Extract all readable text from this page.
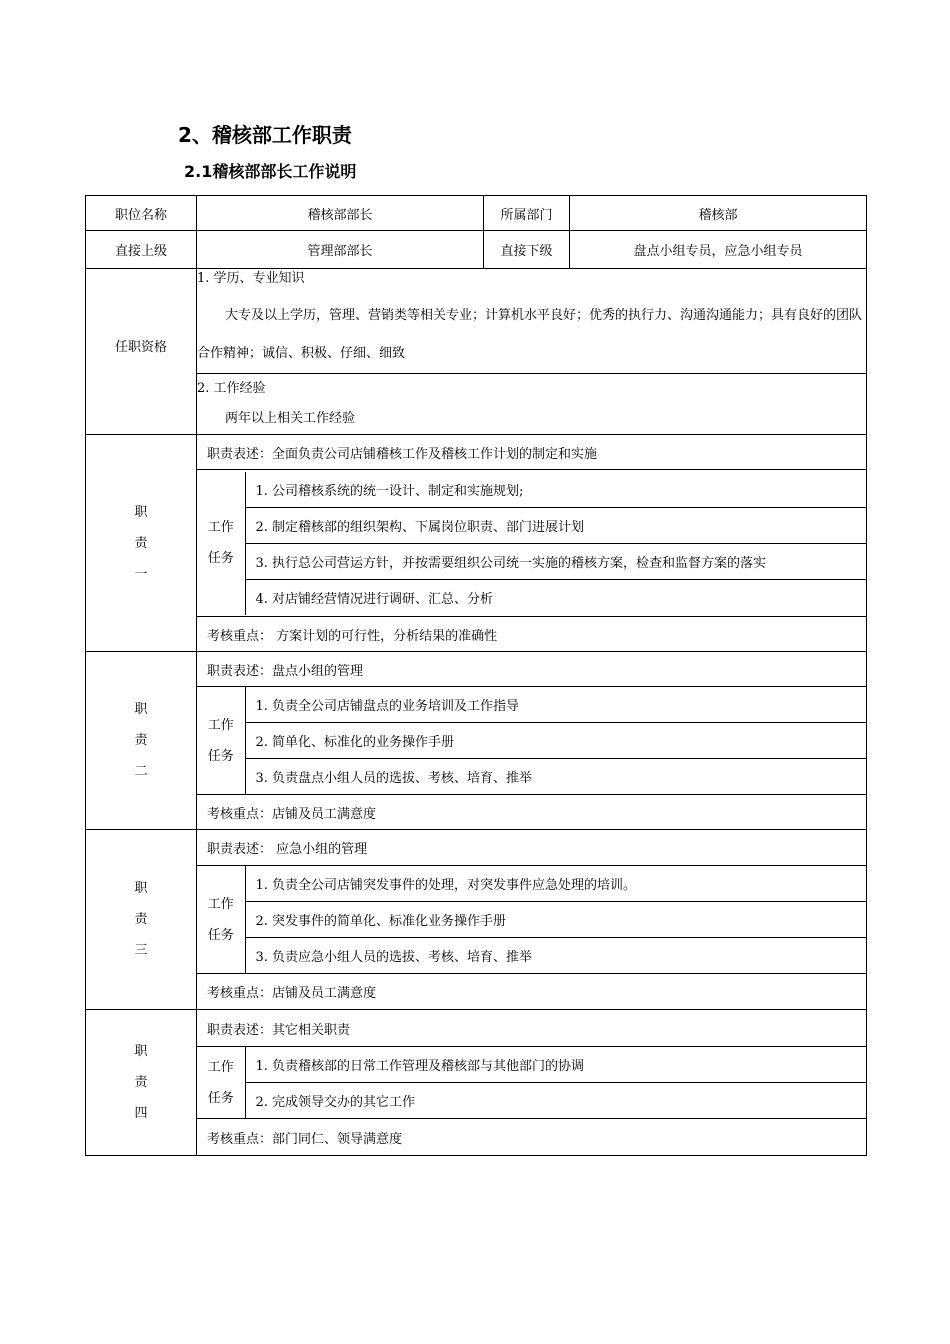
2、稽核部工作职责
2.1稽核部部长工作说明
职位名称	稽核部部长	所属部门	稽核部
直接上级	管理部部长	直接下级	盘点小组专员，应急小组专员
任职资格	
1. 学历、专业知识
大专及以上学历，管理、营销类等相关专业；计算机水平良好；优秀的执行力、沟通沟通能力；具有良好的团队合作精神；诚信、积极、仔细、细致

2. 工作经验
两年以上相关工作经验

职
责
一
	职责表述：全面负责公司店铺稽核工作及稽核工作计划的制定和实施

工作
任务
	1. 公司稽核系统的统一设计、制定和实施规划;
2. 制定稽核部的组织架构、下属岗位职责、部门进展计划
3. 执行总公司营运方针，并按需要组织公司统一实施的稽核方案，检查和监督方案的落实
4. 对店铺经营情况进行调研、汇总、分析

考核重点： 方案计划的可行性，分析结果的准确性

职
责
二
	职责表述：盘点小组的管理

工作
任务
	1. 负责全公司店铺盘点的业务培训及工作指导
2. 简单化、标准化的业务操作手册
3. 负责盘点小组人员的选拔、考核、培育、推举

考核重点：店铺及员工满意度

职
责
三
	职责表述： 应急小组的管理

工作
任务
	1. 负责全公司店铺突发事件的处理，对突发事件应急处理的培训。
2. 突发事件的简单化、标准化业务操作手册
3. 负责应急小组人员的选拔、考核、培育、推举

考核重点：店铺及员工满意度

职
责
四
	职责表述：其它相关职责

工作
任务
	1. 负责稽核部的日常工作管理及稽核部与其他部门的协调
2. 完成领导交办的其它工作

考核重点：部门同仁、领导满意度
